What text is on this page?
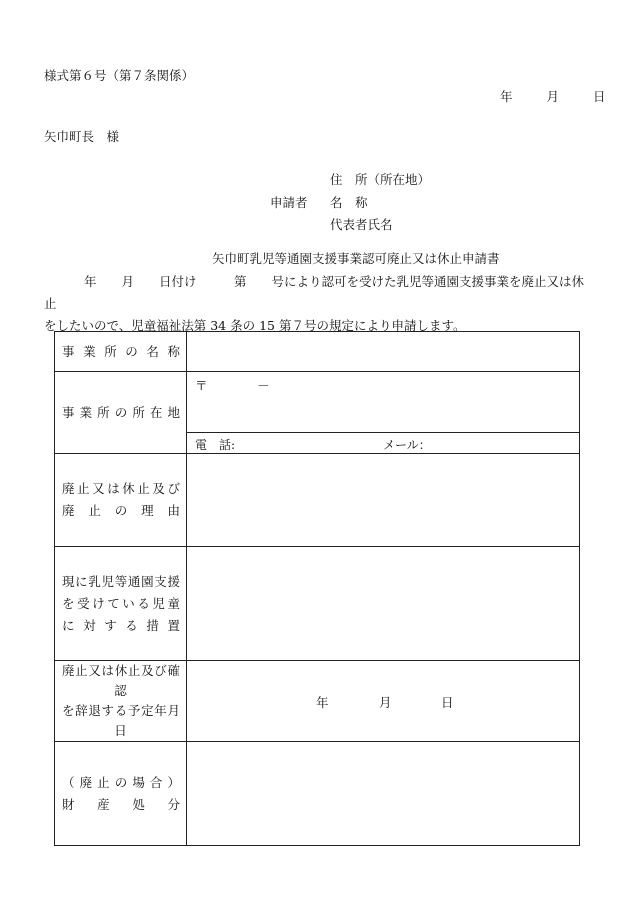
様式第６号（第７条関係）
年	月	日
矢巾町長　様
住　所（所在地）
申請者 名　称
代表者氏名
矢巾町乳児等通園支援事業認可廃止又は休止申請書
年　　月　　日付け　　　第　　号により認可を受けた乳児等通園支援事業を廃止又は休止
をしたいので、児童福祉法第 34 条の 15 第７号の規定により申請します。
事業所の名称	

事業所の所在地	〒 －

	電　話: メール：

廃止又は休止及び
廃止の理由	

現に乳児等通園支援
を受けている児童
に対する措置	

廃止又は休止及び確
認
を辞退する予定年月
日	年 月 日

（廃止の場合）
財産処分	
